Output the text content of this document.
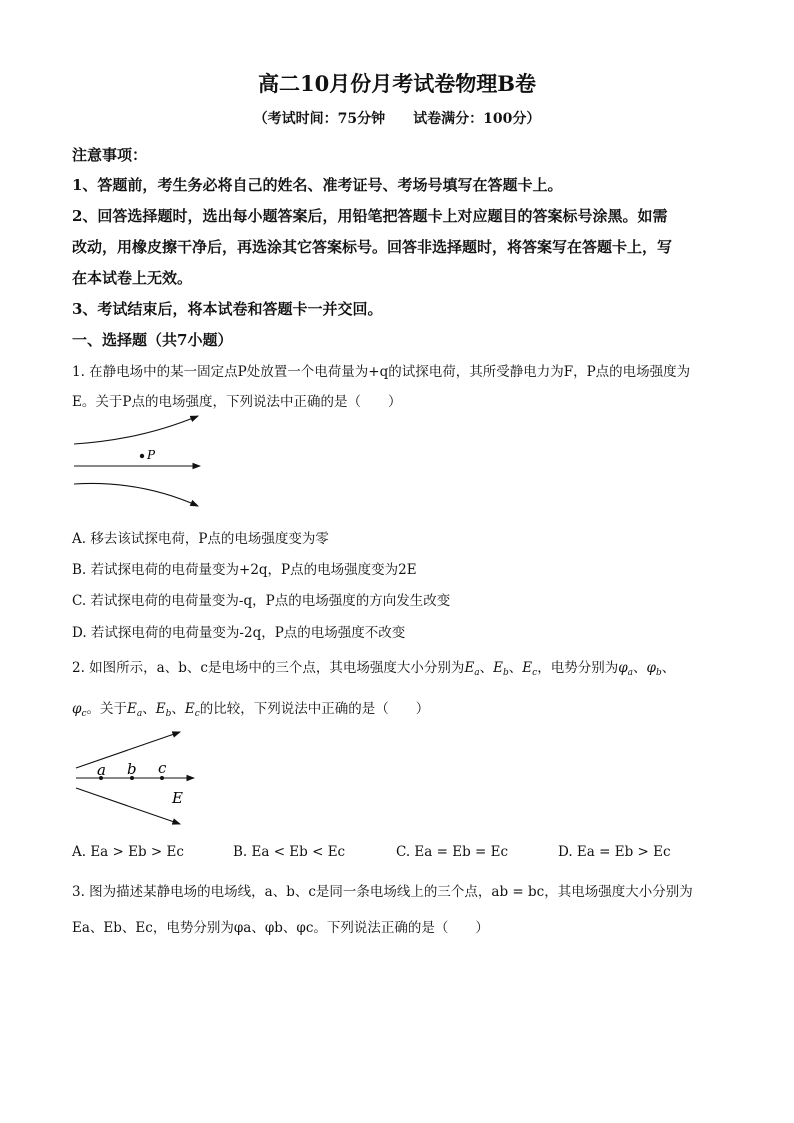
高二10月份月考试卷物理B卷
（考试时间：75分钟　　试卷满分：100分）
注意事项：
1、答题前，考生务必将自己的姓名、准考证号、考场号填写在答题卡上。
2、回答选择题时，选出每小题答案后，用铅笔把答题卡上对应题目的答案标号涂黑。如需
改动，用橡皮擦干净后，再选涂其它答案标号。回答非选择题时，将答案写在答题卡上，写
在本试卷上无效。
3、考试结束后，将本试卷和答题卡一并交回。
一、选择题（共7小题）
1. 在静电场中的某一固定点P处放置一个电荷量为+q的试探电荷，其所受静电力为F，P点的电场强度为
E。关于P点的电场强度，下列说法中正确的是（　　）
P
A. 移去该试探电荷，P点的电场强度变为零
B. 若试探电荷的电荷量变为+2q，P点的电场强度变为2E
C. 若试探电荷的电荷量变为-q，P点的电场强度的方向发生改变
D. 若试探电荷的电荷量变为-2q，P点的电场强度不改变
2. 如图所示，a、b、c是电场中的三个点，其电场强度大小分别为$E_a$、$E_b$、$E_c$，电势分别为$\varphi_a$、$\varphi_b$、
$\varphi_c$。关于$E_a$、$E_b$、$E_c$的比较，下列说法中正确的是（　　）
a b c
E
A. Ea > Eb > Ec	B. Ea < Eb < Ec	C. Ea = Eb = Ec	D. Ea = Eb > Ec
3. 图为描述某静电场的电场线，a、b、c是同一条电场线上的三个点，ab = bc，其电场强度大小分别为
Ea、Eb、Ec，电势分别为φa、φb、φc。下列说法正确的是（　　）
